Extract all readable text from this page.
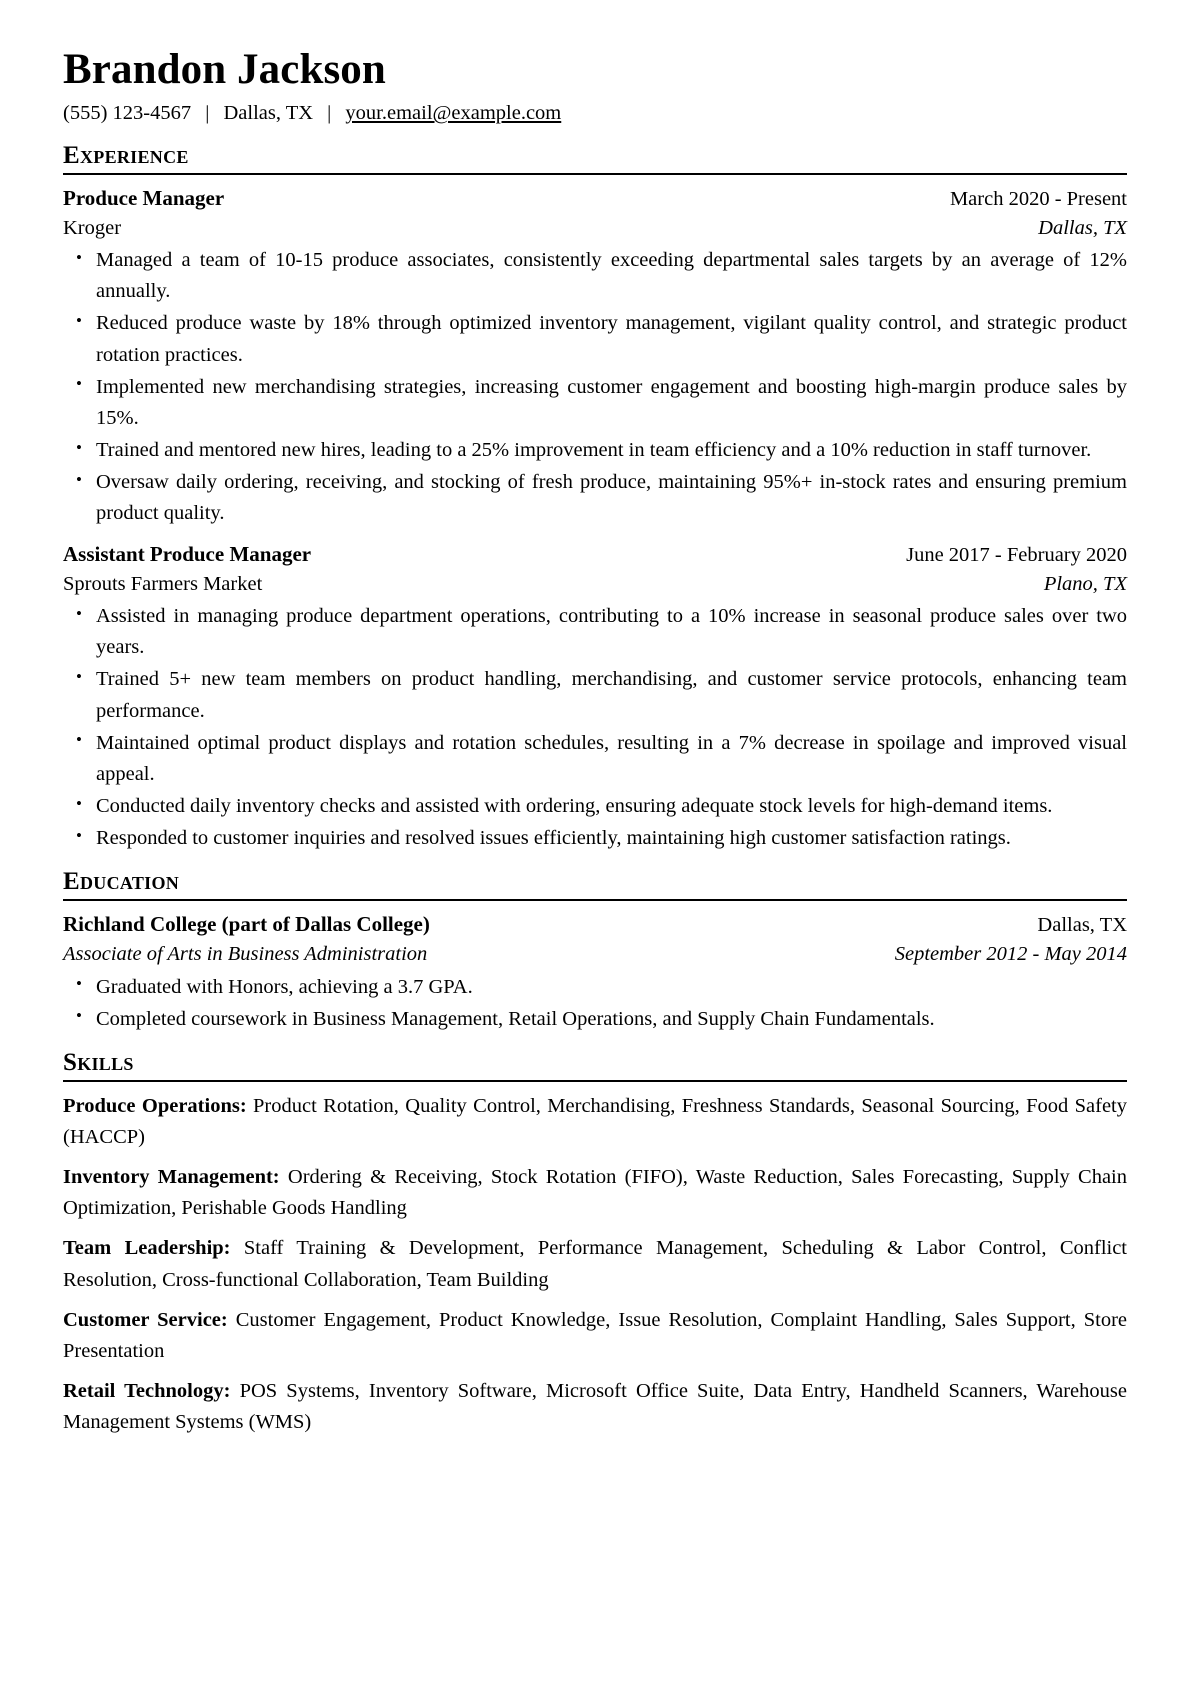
Brandon Jackson
(555) 123-4567 | Dallas, TX | your.email@example.com
Experience
Produce Manager	March 2020 - Present
Kroger	Dallas, TX
• Managed a team of 10-15 produce associates, consistently exceeding departmental sales targets by an average of 12% annually.
• Reduced produce waste by 18% through optimized inventory management, vigilant quality control, and strategic product rotation practices.
• Implemented new merchandising strategies, increasing customer engagement and boosting high-margin produce sales by 15%.
• Trained and mentored new hires, leading to a 25% improvement in team efficiency and a 10% reduction in staff turnover.
• Oversaw daily ordering, receiving, and stocking of fresh produce, maintaining 95%+ in-stock rates and ensuring premium product quality.
Assistant Produce Manager	June 2017 - February 2020
Sprouts Farmers Market	Plano, TX
• Assisted in managing produce department operations, contributing to a 10% increase in seasonal produce sales over two years.
• Trained 5+ new team members on product handling, merchandising, and customer service protocols, enhancing team performance.
• Maintained optimal product displays and rotation schedules, resulting in a 7% decrease in spoilage and improved visual appeal.
• Conducted daily inventory checks and assisted with ordering, ensuring adequate stock levels for high-demand items.
• Responded to customer inquiries and resolved issues efficiently, maintaining high customer satisfaction ratings.
Education
Richland College (part of Dallas College)	Dallas, TX
Associate of Arts in Business Administration	September 2012 - May 2014
• Graduated with Honors, achieving a 3.7 GPA.
• Completed coursework in Business Management, Retail Operations, and Supply Chain Fundamentals.
Skills

Produce Operations: Product Rotation, Quality Control, Merchandising, Freshness Standards, Seasonal Sourcing, Food Safety (HACCP)

Inventory Management: Ordering & Receiving, Stock Rotation (FIFO), Waste Reduction, Sales Forecasting, Supply Chain Optimization, Perishable Goods Handling

Team Leadership: Staff Training & Development, Performance Management, Scheduling & Labor Control, Conflict Resolution, Cross-functional Collaboration, Team Building

Customer Service: Customer Engagement, Product Knowledge, Issue Resolution, Complaint Handling, Sales Support, Store Presentation

Retail Technology: POS Systems, Inventory Software, Microsoft Office Suite, Data Entry, Handheld Scanners, Warehouse Management Systems (WMS)
